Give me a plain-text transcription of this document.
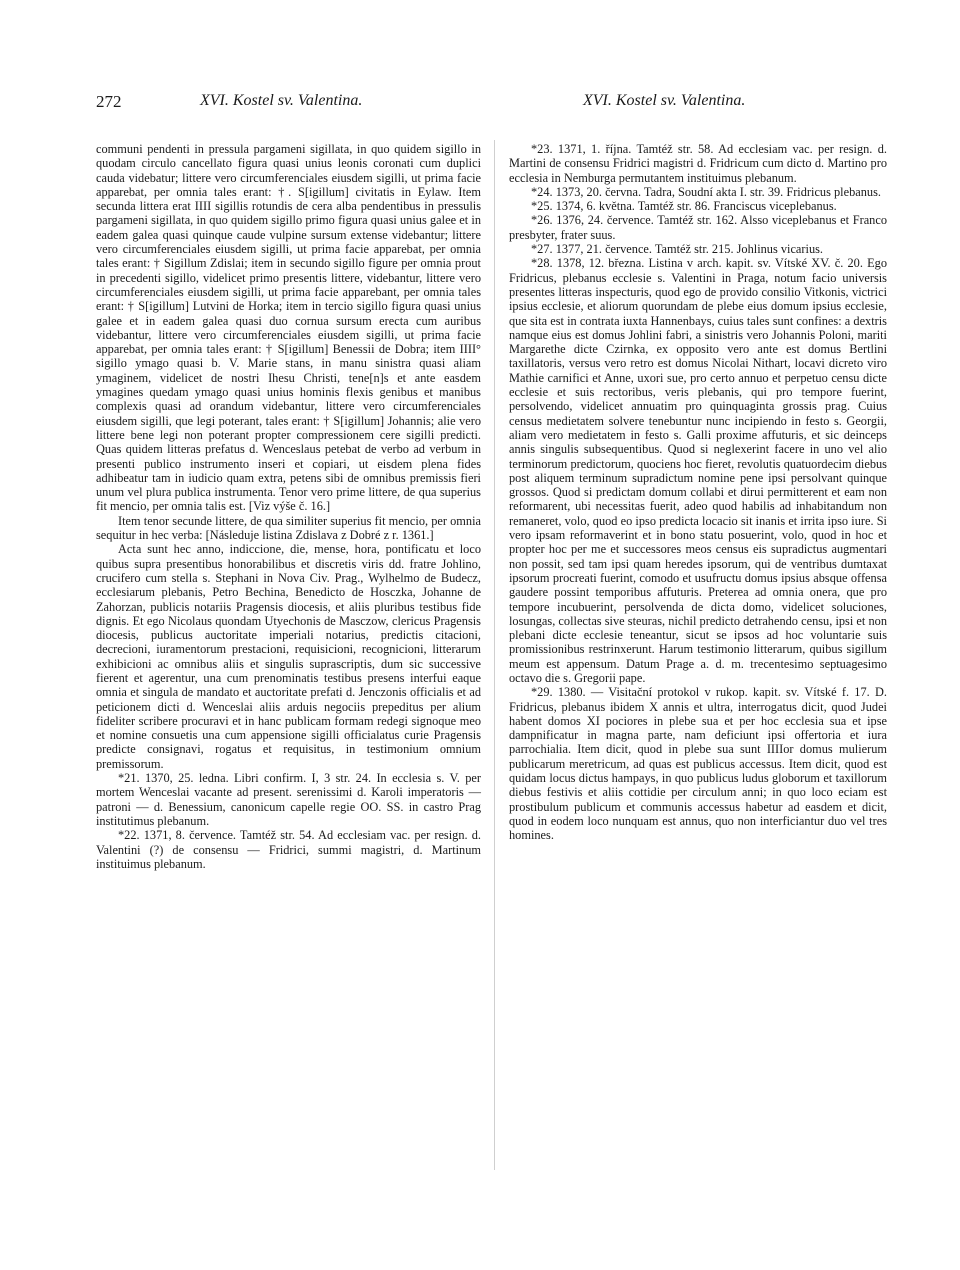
272	XVI. Kostel sv. Valentina.	XVI. Kostel sv. Valentina.

communi pendenti in pressula pargameni sigillata, in quo quidem sigillo in quodam circulo cancellato figura quasi unius leonis coronati cum duplici cauda videbatur; littere vero circumferenciales eiusdem sigilli, ut prima facie apparebat, per omnia tales erant: †. S[igillum] civitatis in Eylaw. Item secunda littera erat IIII sigillis rotundis de cera alba pendentibus in pressulis pargameni sigillata, in quo quidem sigillo primo figura quasi unius galee et in eadem galea quasi quinque caude vulpine sursum extense videbantur; littere vero circumferenciales eiusdem sigilli, ut prima facie apparebat, per omnia tales erant: † Sigillum Zdislai; item in secundo sigillo figure per omnia prout in precedenti sigillo, videlicet primo presentis littere, videbantur, littere vero circumferenciales eiusdem sigilli, ut prima facie apparebant, per omnia tales erant: † S[igillum] Lutvini de Horka; item in tercio sigillo figura quasi unius galee et in eadem galea quasi duo cornua sursum erecta cum auribus videbantur, littere vero circumferenciales eiusdem sigilli, ut prima facie apparebat, per omnia tales erant: † S[igillum] Benessii de Dobra; item IIII° sigillo ymago quasi b. V. Marie stans, in manu sinistra quasi aliam ymaginem, videlicet de nostri Ihesu Christi, tene[n]s et ante easdem ymagines quedam ymago quasi unius hominis flexis genibus et manibus complexis quasi ad orandum videbantur, littere vero circumferenciales eiusdem sigilli, que legi poterant, tales erant: † S[igillum] Johannis; alie vero littere bene legi non poterant propter compressionem cere sigilli predicti. Quas quidem litteras prefatus d. Wenceslaus petebat de verbo ad verbum in presenti publico instrumento inseri et copiari, ut eisdem plena fides adhibeatur tam in iudicio quam extra, petens sibi de omnibus premissis fieri unum vel plura publica instrumenta. Tenor vero prime littere, de qua superius fit mencio, per omnia talis est. [Viz výše č. 16.]

Item tenor secunde littere, de qua similiter superius fit mencio, per omnia sequitur in hec verba: [Následuje listina Zdislava z Dobré z r. 1361.]

Acta sunt hec anno, indiccione, die, mense, hora, pontificatu et loco quibus supra presentibus honorabilibus et discretis viris dd. fratre Johlino, crucifero cum stella s. Stephani in Nova Civ. Prag., Wylhelmo de Budecz, ecclesiarum plebanis, Petro Bechina, Benedicto de Hosczka, Johanne de Zahorzan, publicis notariis Pragensis diocesis, et aliis pluribus testibus fide dignis. Et ego Nicolaus quondam Utyechonis de Masczow, clericus Pragensis diocesis, publicus auctoritate imperiali notarius, predictis citacioni, decrecioni, iuramentorum prestacioni, requisicioni, recognicioni, litterarum exhibicioni ac omnibus aliis et singulis suprascriptis, dum sic successive fierent et agerentur, una cum prenominatis testibus presens interfui eaque omnia et singula de mandato et auctoritate prefati d. Jenczonis officialis et ad peticionem dicti d. Wenceslai aliis arduis negociis prepeditus per alium fideliter scribere procuravi et in hanc publicam formam redegi signoque meo et nomine consuetis una cum appensione sigilli officialatus curie Pragensis predicte consignavi, rogatus et requisitus, in testimonium omnium premissorum.

*21. 1370, 25. ledna. Libri confirm. I, 3 str. 24. In ecclesia s. V. per mortem Wenceslai vacante ad present. serenissimi d. Karoli imperatoris — patroni — d. Benessium, canonicum capelle regie OO. SS. in castro Prag institutimus plebanum.

*22. 1371, 8. července. Tamtéž str. 54. Ad ecclesiam vac. per resign. d. Valentini (?) de consensu — Fridrici, summi magistri, d. Martinum instituimus plebanum.

*23. 1371, 1. října. Tamtéž str. 58. Ad ecclesiam vac. per resign. d. Martini de consensu Fridrici magistri d. Fridricum cum dicto d. Martino pro ecclesia in Nemburga permutantem instituimus plebanum.

*24. 1373, 20. června. Tadra, Soudní akta I. str. 39. Fridricus plebanus.

*25. 1374, 6. května. Tamtéž str. 86. Franciscus viceplebanus.

*26. 1376, 24. července. Tamtéž str. 162. Alsso viceplebanus et Franco presbyter, frater suus.

*27. 1377, 21. července. Tamtéž str. 215. Johlinus vicarius.

*28. 1378, 12. března. Listina v arch. kapit. sv. Vítské XV. č. 20. Ego Fridricus, plebanus ecclesie s. Valentini in Praga, notum facio universis presentes litteras inspecturis, quod ego de provido consilio Vitkonis, victrici ipsius ecclesie, et aliorum quorundam de plebe eius domum ipsius ecclesie, que sita est in contrata iuxta Hannenbays, cuius tales sunt confines: a dextris namque eius est domus Johlini fabri, a sinistris vero Johannis Poloni, mariti Margarethe dicte Czirnka, ex opposito vero ante est domus Bertlini taxillatoris, versus vero retro est domus Nicolai Nithart, locavi dicreto viro Mathie carnifici et Anne, uxori sue, pro certo annuo et perpetuo censu dicte ecclesie et suis rectoribus, veris plebanis, qui pro tempore fuerint, persolvendo, videlicet annuatim pro quinquaginta grossis prag. Cuius census medietatem solvere tenebuntur nunc incipiendo in festo s. Georgii, aliam vero medietatem in festo s. Galli proxime affuturis, et sic deinceps annis singulis subsequentibus. Quod si neglexerint facere in uno vel alio terminorum predictorum, quociens hoc fieret, revolutis quatuordecim diebus post aliquem terminum supradictum nomine pene ipsi persolvant quinque grossos. Quod si predictam domum collabi et dirui permitterent et eam non reformarent, ubi necessitas fuerit, adeo quod habilis ad inhabitandum non remaneret, volo, quod eo ipso predicta locacio sit inanis et irrita ipso iure. Si vero ipsam reformaverint et in bono statu posuerint, volo, quod in hoc et propter hoc per me et successores meos census eis supradictus augmentari non possit, sed tam ipsi quam heredes ipsorum, qui de ventribus dumtaxat ipsorum procreati fuerint, comodo et usufructu domus ipsius absque offensa gaudere possint temporibus affuturis. Preterea ad omnia onera, que pro tempore incubuerint, persolvenda de dicta domo, videlicet soluciones, losungas, collectas sive steuras, nichil predicto detrahendo censu, ipsi et non plebani dicte ecclesie teneantur, sicut se ipsos ad hoc voluntarie suis promissionibus restrinxerunt. Harum testimonio litterarum, quibus sigillum meum est appensum. Datum Prage a. d. m. trecentesimo septuagesimo octavo die s. Gregorii pape.

*29. 1380. — Visitační protokol v rukop. kapit. sv. Vítské f. 17. D. Fridricus, plebanus ibidem X annis et ultra, interrogatus dicit, quod Judei habent domos XI pociores in plebe sua et per hoc ecclesia sua et ipse dampnificatur in magna parte, nam deficiunt ipsi offertoria et iura parrochialia. Item dicit, quod in plebe sua sunt IIIIor domus mulierum publicarum meretricum, ad quas est publicus accessus. Item dicit, quod est quidam locus dictus hampays, in quo publicus ludus globorum et taxillorum diebus festivis et aliis cottidie per circulum anni; in quo loco eciam est prostibulum publicum et communis accessus habetur ad easdem et dicit, quod in eodem loco nunquam est annus, quo non interficiantur duo vel tres homines.
